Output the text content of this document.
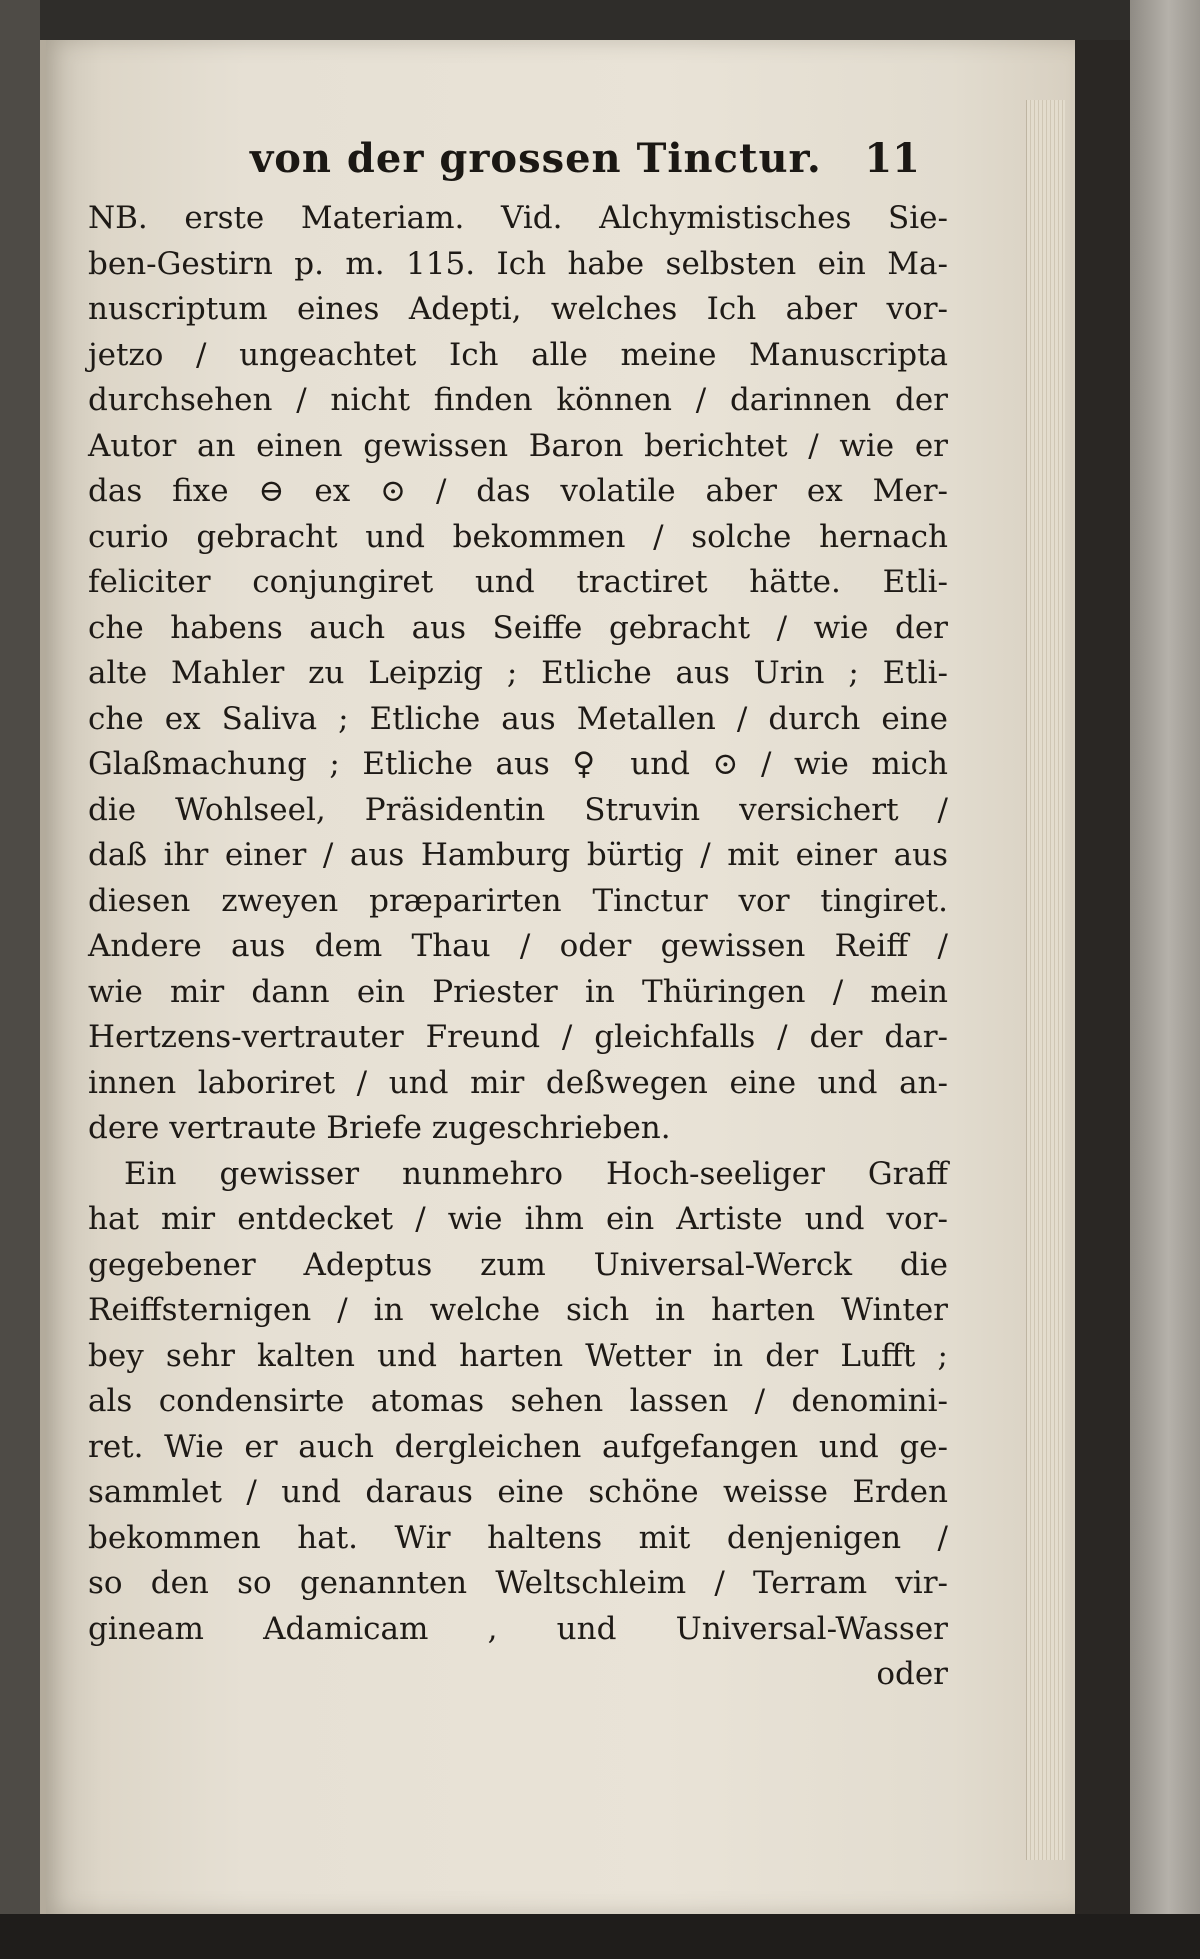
von der grossen Tinctur. 11
NB. erste Materiam. Vid. Alchymistisches Sie-
ben-Gestirn p. m. 115. Ich habe selbsten ein Ma-
nuscriptum eines Adepti, welches Ich aber vor-
jetzo / ungeachtet Ich alle meine Manuscripta
durchsehen / nicht finden können / darinnen der
Autor an einen gewissen Baron berichtet / wie er
das fixe ⊖ ex ⊙ / das volatile aber ex Mer-
curio gebracht und bekommen / solche hernach
feliciter conjungiret und tractiret hätte. Etli-
che habens auch aus Seiffe gebracht / wie der
alte Mahler zu Leipzig ; Etliche aus Urin ; Etli-
che ex Saliva ; Etliche aus Metallen / durch eine
Glaßmachung ; Etliche aus ♀ und ⊙ / wie mich
die Wohlseel, Präsidentin Struvin versichert /
daß ihr einer / aus Hamburg bürtig / mit einer aus
diesen zweyen præparirten Tinctur vor tingiret.
Andere aus dem Thau / oder gewissen Reiff /
wie mir dann ein Priester in Thüringen / mein
Hertzens-vertrauter Freund / gleichfalls / der dar-
innen laboriret / und mir deßwegen eine und an-
dere vertraute Briefe zugeschrieben.
Ein gewisser nunmehro Hoch-seeliger Graff
hat mir entdecket / wie ihm ein Artiste und vor-
gegebener Adeptus zum Universal-Werck die
Reiffsternigen / in welche sich in harten Winter
bey sehr kalten und harten Wetter in der Lufft ;
als condensirte atomas sehen lassen / denomini-
ret. Wie er auch dergleichen aufgefangen und ge-
sammlet / und daraus eine schöne weisse Erden
bekommen hat. Wir haltens mit denjenigen /
so den so genannten Weltschleim / Terram vir-
gineam Adamicam , und Universal-Wasser
oder
